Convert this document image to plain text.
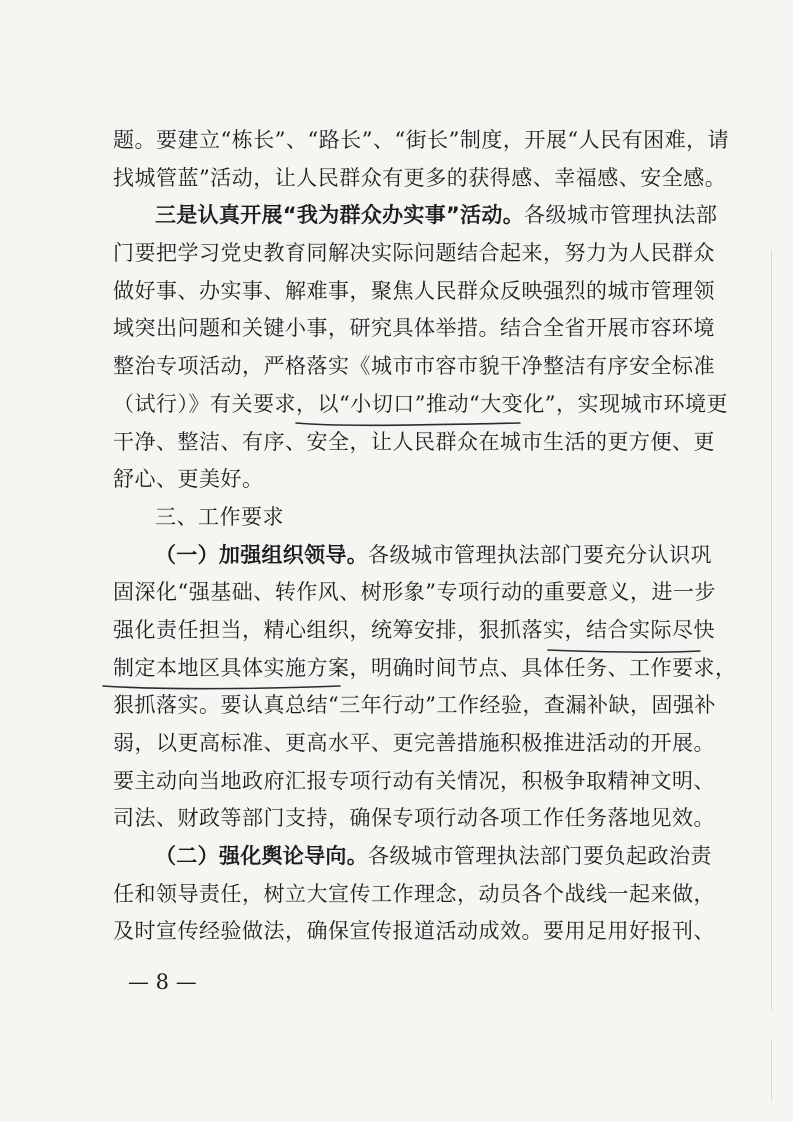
题。要建立“栋长”、“路长”、“街长”制度，开展“人民有困难，请
找城管蓝”活动，让人民群众有更多的获得感、幸福感、安全感。
三是认真开展“我为群众办实事”活动。各级城市管理执法部
门要把学习党史教育同解决实际问题结合起来，努力为人民群众
做好事、办实事、解难事，聚焦人民群众反映强烈的城市管理领
域突出问题和关键小事，研究具体举措。结合全省开展市容环境
整治专项活动，严格落实《城市市容市貌干净整洁有序安全标准
（试行）》有关要求，以“小切口”推动“大变化”，实现城市环境更
干净、整洁、有序、安全，让人民群众在城市生活的更方便、更
舒心、更美好。
三、工作要求
（一）加强组织领导。各级城市管理执法部门要充分认识巩
固深化“强基础、转作风、树形象”专项行动的重要意义，进一步
强化责任担当，精心组织，统筹安排，狠抓落实，结合实际尽快
制定本地区具体实施方案，明确时间节点、具体任务、工作要求，
狠抓落实。要认真总结“三年行动”工作经验，查漏补缺，固强补
弱，以更高标准、更高水平、更完善措施积极推进活动的开展。
要主动向当地政府汇报专项行动有关情况，积极争取精神文明、
司法、财政等部门支持，确保专项行动各项工作任务落地见效。
（二）强化舆论导向。各级城市管理执法部门要负起政治责
任和领导责任，树立大宣传工作理念，动员各个战线一起来做，
及时宣传经验做法，确保宣传报道活动成效。要用足用好报刊、
— 8 —
